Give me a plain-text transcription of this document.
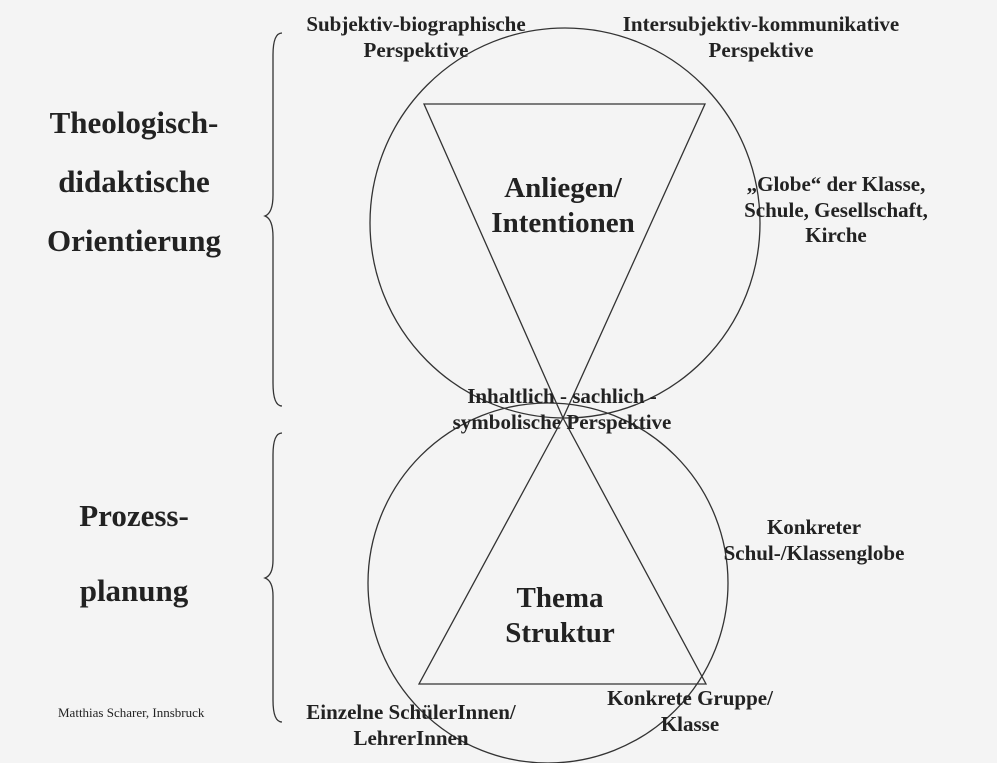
Theologisch-
didaktische
Orientierung
Prozess-
planung
Subjektiv-biographische
Perspektive
Intersubjektiv-kommunikative
Perspektive
Anliegen/
Intentionen
„Globe“ der Klasse,
Schule, Gesellschaft,
Kirche
Inhaltlich - sachlich -
symbolische Perspektive
Konkreter
Schul-/Klassenglobe
Thema
Struktur
Einzelne SchülerInnen/
LehrerInnen
Konkrete Gruppe/
Klasse
Matthias Scharer, Innsbruck
